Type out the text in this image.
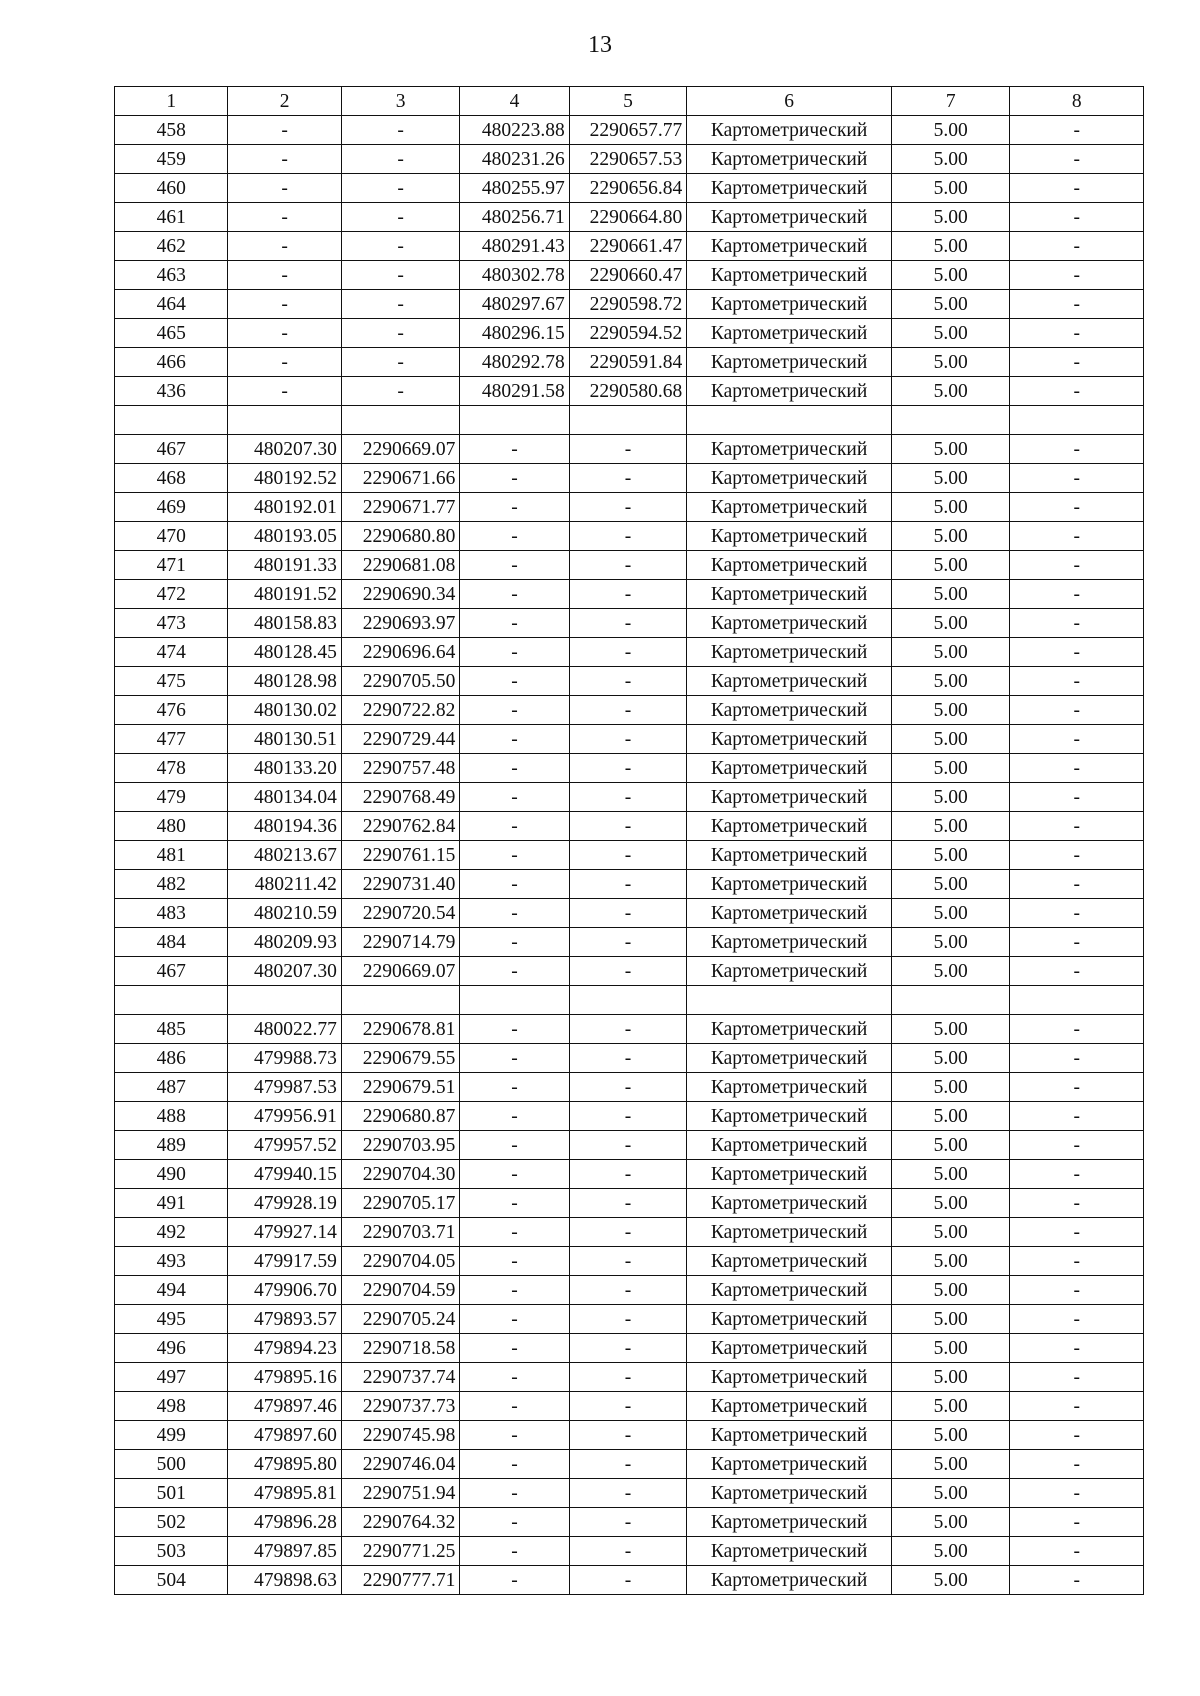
13
1	2	3	4	5	6	7	8
458	-	-	480223.88	2290657.77	Картометрический	5.00	-
459	-	-	480231.26	2290657.53	Картометрический	5.00	-
460	-	-	480255.97	2290656.84	Картометрический	5.00	-
461	-	-	480256.71	2290664.80	Картометрический	5.00	-
462	-	-	480291.43	2290661.47	Картометрический	5.00	-
463	-	-	480302.78	2290660.47	Картометрический	5.00	-
464	-	-	480297.67	2290598.72	Картометрический	5.00	-
465	-	-	480296.15	2290594.52	Картометрический	5.00	-
466	-	-	480292.78	2290591.84	Картометрический	5.00	-
436	-	-	480291.58	2290580.68	Картометрический	5.00	-

467	480207.30	2290669.07	-	-	Картометрический	5.00	-
468	480192.52	2290671.66	-	-	Картометрический	5.00	-
469	480192.01	2290671.77	-	-	Картометрический	5.00	-
470	480193.05	2290680.80	-	-	Картометрический	5.00	-
471	480191.33	2290681.08	-	-	Картометрический	5.00	-
472	480191.52	2290690.34	-	-	Картометрический	5.00	-
473	480158.83	2290693.97	-	-	Картометрический	5.00	-
474	480128.45	2290696.64	-	-	Картометрический	5.00	-
475	480128.98	2290705.50	-	-	Картометрический	5.00	-
476	480130.02	2290722.82	-	-	Картометрический	5.00	-
477	480130.51	2290729.44	-	-	Картометрический	5.00	-
478	480133.20	2290757.48	-	-	Картометрический	5.00	-
479	480134.04	2290768.49	-	-	Картометрический	5.00	-
480	480194.36	2290762.84	-	-	Картометрический	5.00	-
481	480213.67	2290761.15	-	-	Картометрический	5.00	-
482	480211.42	2290731.40	-	-	Картометрический	5.00	-
483	480210.59	2290720.54	-	-	Картометрический	5.00	-
484	480209.93	2290714.79	-	-	Картометрический	5.00	-
467	480207.30	2290669.07	-	-	Картометрический	5.00	-

485	480022.77	2290678.81	-	-	Картометрический	5.00	-
486	479988.73	2290679.55	-	-	Картометрический	5.00	-
487	479987.53	2290679.51	-	-	Картометрический	5.00	-
488	479956.91	2290680.87	-	-	Картометрический	5.00	-
489	479957.52	2290703.95	-	-	Картометрический	5.00	-
490	479940.15	2290704.30	-	-	Картометрический	5.00	-
491	479928.19	2290705.17	-	-	Картометрический	5.00	-
492	479927.14	2290703.71	-	-	Картометрический	5.00	-
493	479917.59	2290704.05	-	-	Картометрический	5.00	-
494	479906.70	2290704.59	-	-	Картометрический	5.00	-
495	479893.57	2290705.24	-	-	Картометрический	5.00	-
496	479894.23	2290718.58	-	-	Картометрический	5.00	-
497	479895.16	2290737.74	-	-	Картометрический	5.00	-
498	479897.46	2290737.73	-	-	Картометрический	5.00	-
499	479897.60	2290745.98	-	-	Картометрический	5.00	-
500	479895.80	2290746.04	-	-	Картометрический	5.00	-
501	479895.81	2290751.94	-	-	Картометрический	5.00	-
502	479896.28	2290764.32	-	-	Картометрический	5.00	-
503	479897.85	2290771.25	-	-	Картометрический	5.00	-
504	479898.63	2290777.71	-	-	Картометрический	5.00	-
